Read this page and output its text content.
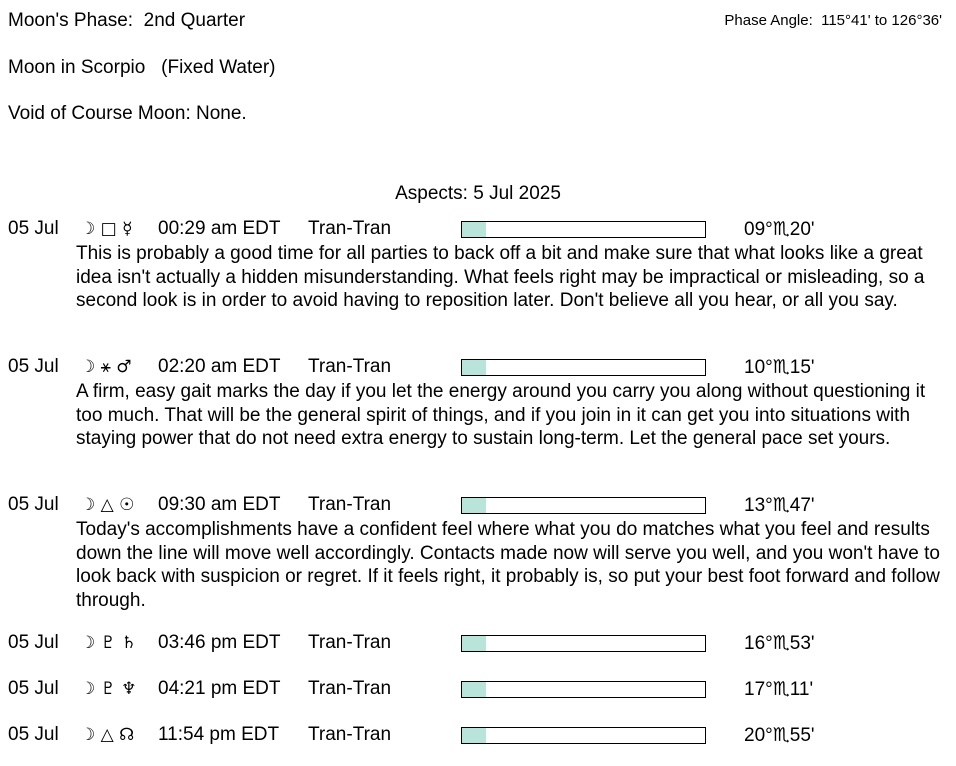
Moon's Phase:  2nd Quarter	Phase Angle:  115°41' to 126°36'
Moon in Scorpio   (Fixed Water)
Void of Course Moon: None.
Aspects: 5 Jul 2025
05 Jul ☽ □ ☿	00:29 am EDT Tran-Tran	09°♏20'
This is probably a good time for all parties to back off a bit and make sure that what looks like a great idea isn't actually a hidden misunderstanding. What feels right may be impractical or misleading, so a second look is in order to avoid having to reposition later. Don't believe all you hear, or all you say.
05 Jul ☽ ⚹ ♂	02:20 am EDT Tran-Tran	10°♏15'
A firm, easy gait marks the day if you let the energy around you carry you along without questioning it too much. That will be the general spirit of things, and if you join in it can get you into situations with staying power that do not need extra energy to sustain long-term. Let the general pace set yours.
05 Jul ☽ △ ☉	09:30 am EDT Tran-Tran	13°♏47'
Today's accomplishments have a confident feel where what you do matches what you feel and results down the line will move well accordingly. Contacts made now will serve you well, and you won't have to look back with suspicion or regret. If it feels right, it probably is, so put your best foot forward and follow through.
05 Jul ☽ ♇ ♄	03:46 pm EDT Tran-Tran	16°♏53'
05 Jul ☽ ♇ ♆	04:21 pm EDT Tran-Tran	17°♏11'
05 Jul ☽ △ ☊	11:54 pm EDT Tran-Tran	20°♏55'
